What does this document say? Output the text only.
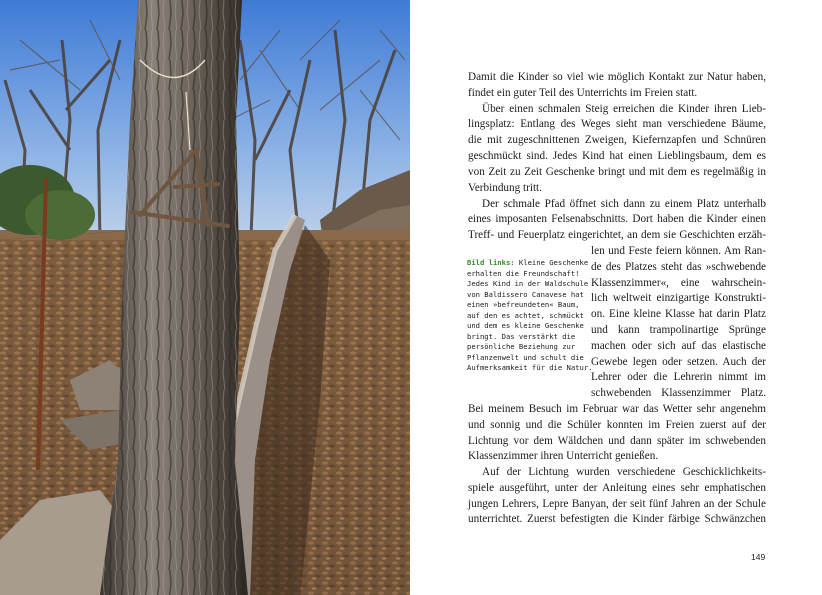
Bild links: Kleine Geschenke
erhalten die Freundschaft!
Jedes Kind in der Waldschule
von Baldissero Canavese hat
einen »befreundeten« Baum,
auf den es achtet, schmückt
und dem es kleine Geschenke
bringt. Das verstärkt die
persönliche Beziehung zur
Pflanzenwelt und schult die
Aufmerksamkeit für die Natur.
Damit die Kinder so viel wie möglich Kontakt zur Natur haben,
findet ein guter Teil des Unterrichts im Freien statt.
Über einen schmalen Steig erreichen die Kinder ihren Lieb-
lingsplatz: Entlang des Weges sieht man verschiedene Bäume,
die mit zugeschnittenen Zweigen, Kiefernzapfen und Schnüren
geschmückt sind. Jedes Kind hat einen Lieblingsbaum, dem es
von Zeit zu Zeit Geschenke bringt und mit dem es regelmäßig in
Verbindung tritt.
Der schmale Pfad öffnet sich dann zu einem Platz unterhalb
eines imposanten Felsenabschnitts. Dort haben die Kinder einen
Treff- und Feuerplatz eingerichtet, an dem sie Geschichten erzäh-
len und Feste feiern können. Am Ran-
de des Platzes steht das »schwebende
Klassenzimmer«, eine wahrschein-
lich weltweit einzigartige Konstrukti-
on. Eine kleine Klasse hat darin Platz
und kann trampolinartige Sprünge
machen oder sich auf das elastische
Gewebe legen oder setzen. Auch der
Lehrer oder die Lehrerin nimmt im
schwebenden Klassenzimmer Platz.
Bei meinem Besuch im Februar war das Wetter sehr angenehm
und sonnig und die Schüler konnten im Freien zuerst auf der
Lichtung vor dem Wäldchen und dann später im schwebenden
Klassenzimmer ihren Unterricht genießen.
Auf der Lichtung wurden verschiedene Geschicklichkeits-
spiele ausgeführt, unter der Anleitung eines sehr emphatischen
jungen Lehrers, Lepre Banyan, der seit fünf Jahren an der Schule
unterrichtet. Zuerst befestigten die Kinder färbige Schwänzchen
149
